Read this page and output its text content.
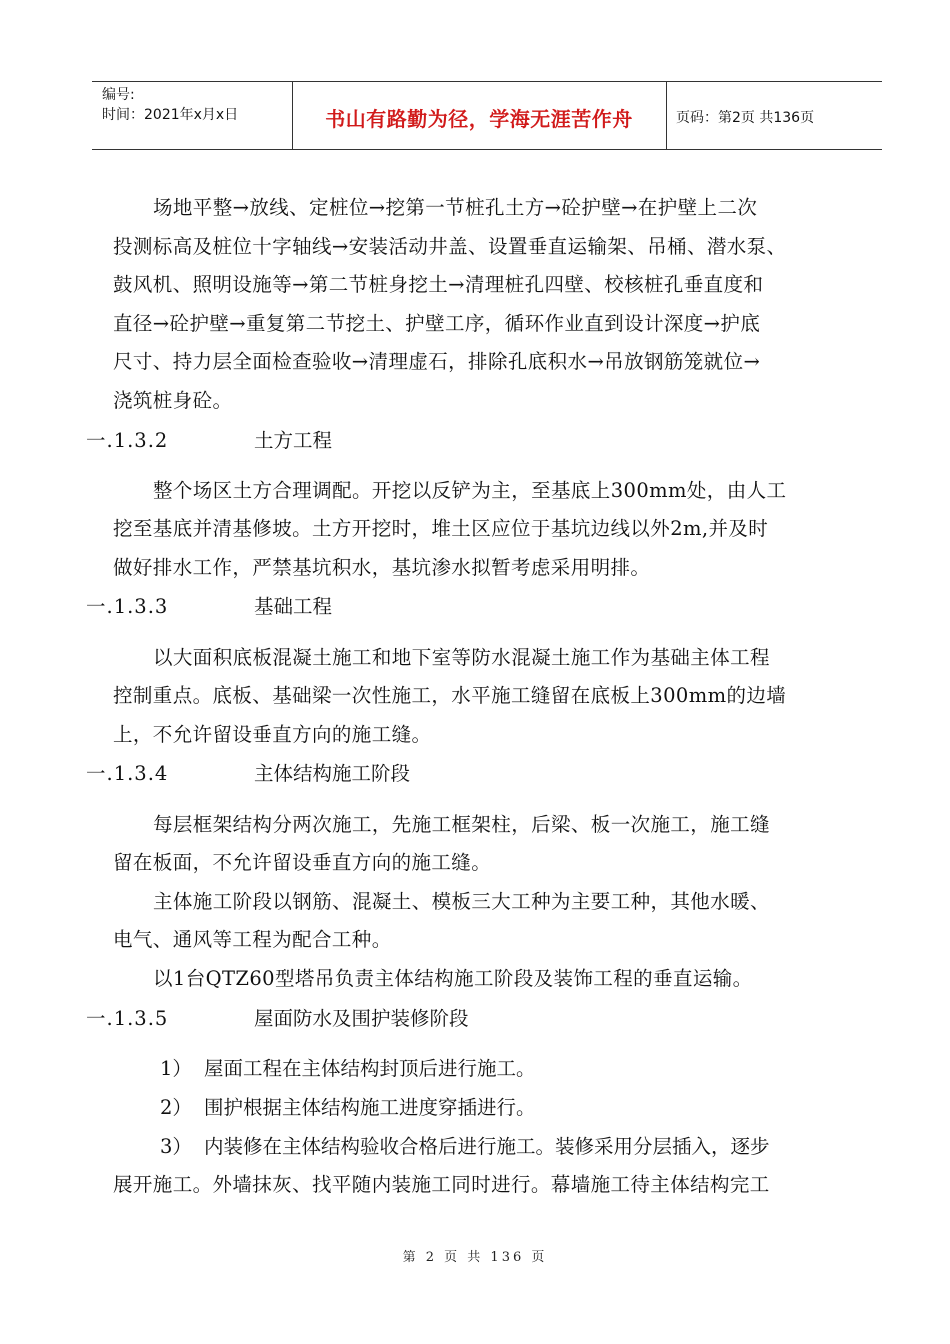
编号:
时间：2021年x月x日	书山有路勤为径，学海无涯苦作舟	页码：第2页 共136页
场地平整→放线、定桩位→挖第一节桩孔土方→砼护壁→在护壁上二次
投测标高及桩位十字轴线→安装活动井盖、设置垂直运输架、吊桶、潜水泵、
鼓风机、照明设施等→第二节桩身挖土→清理桩孔四壁、校核桩孔垂直度和
直径→砼护壁→重复第二节挖土、护壁工序，循环作业直到设计深度→护底
尺寸、持力层全面检查验收→清理虚石，排除孔底积水→吊放钢筋笼就位→
浇筑桩身砼。
一.1.3.2	土方工程
整个场区土方合理调配。开挖以反铲为主，至基底上300mm处，由人工
挖至基底并清基修坡。土方开挖时，堆土区应位于基坑边线以外2m,并及时
做好排水工作，严禁基坑积水，基坑渗水拟暂考虑采用明排。
一.1.3.3	基础工程
以大面积底板混凝土施工和地下室等防水混凝土施工作为基础主体工程
控制重点。底板、基础梁一次性施工，水平施工缝留在底板上300mm的边墙
上，不允许留设垂直方向的施工缝。
一.1.3.4	主体结构施工阶段
每层框架结构分两次施工，先施工框架柱，后梁、板一次施工，施工缝
留在板面，不允许留设垂直方向的施工缝。
主体施工阶段以钢筋、混凝土、模板三大工种为主要工种，其他水暖、
电气、通风等工程为配合工种。
以1台QTZ60型塔吊负责主体结构施工阶段及装饰工程的垂直运输。
一.1.3.5	屋面防水及围护装修阶段
1） 屋面工程在主体结构封顶后进行施工。
2） 围护根据主体结构施工进度穿插进行。
3） 内装修在主体结构验收合格后进行施工。装修采用分层插入，逐步
展开施工。外墙抹灰、找平随内装施工同时进行。幕墙施工待主体结构完工
第 2 页 共 136 页
